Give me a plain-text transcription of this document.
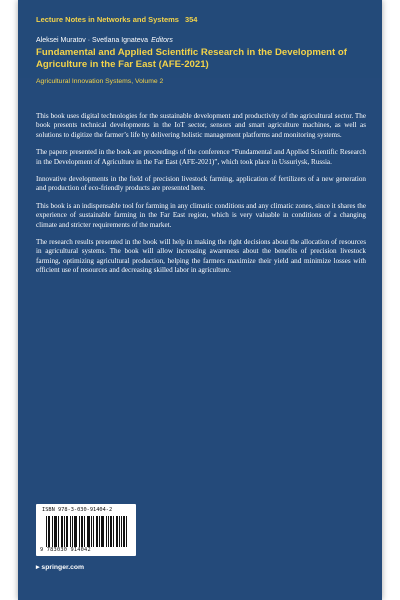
Lecture Notes in Networks and Systems 354
Aleksei Muratov · Svetlana Ignateva Editors
Fundamental and Applied Scientific Research in the Development of Agriculture in the Far East (AFE-2021)
Agricultural Innovation Systems, Volume 2

This book uses digital technologies for the sustainable development and productivity of the agricultural sector. The book presents technical developments in the IoT sector, sensors and smart agriculture machines, as well as solutions to digitize the farmer’s life by delivering holistic management platforms and monitoring systems.

The papers presented in the book are proceedings of the conference “Fundamental and Applied Scientific Research in the Development of Agriculture in the Far East (AFE-2021)”, which took place in Ussuriysk, Russia.

Innovative developments in the field of precision livestock farming, application of fertilizers of a new generation and production of eco-friendly products are presented here.

This book is an indispensable tool for farming in any climatic conditions and any climatic zones, since it shares the experience of sustainable farming in the Far East region, which is very valuable in conditions of a changing climate and stricter requirements of the market.

The research results presented in the book will help in making the right decisions about the allocation of resources in agricultural systems. The book will allow increasing awareness about the benefits of precision livestock farming, optimizing agricultural production, helping the farmers maximize their yield and minimize losses with efficient use of resources and decreasing skilled labor in agriculture.

ISBN 978-3-030-91404-2
9 783030 914042
▸ springer.com
